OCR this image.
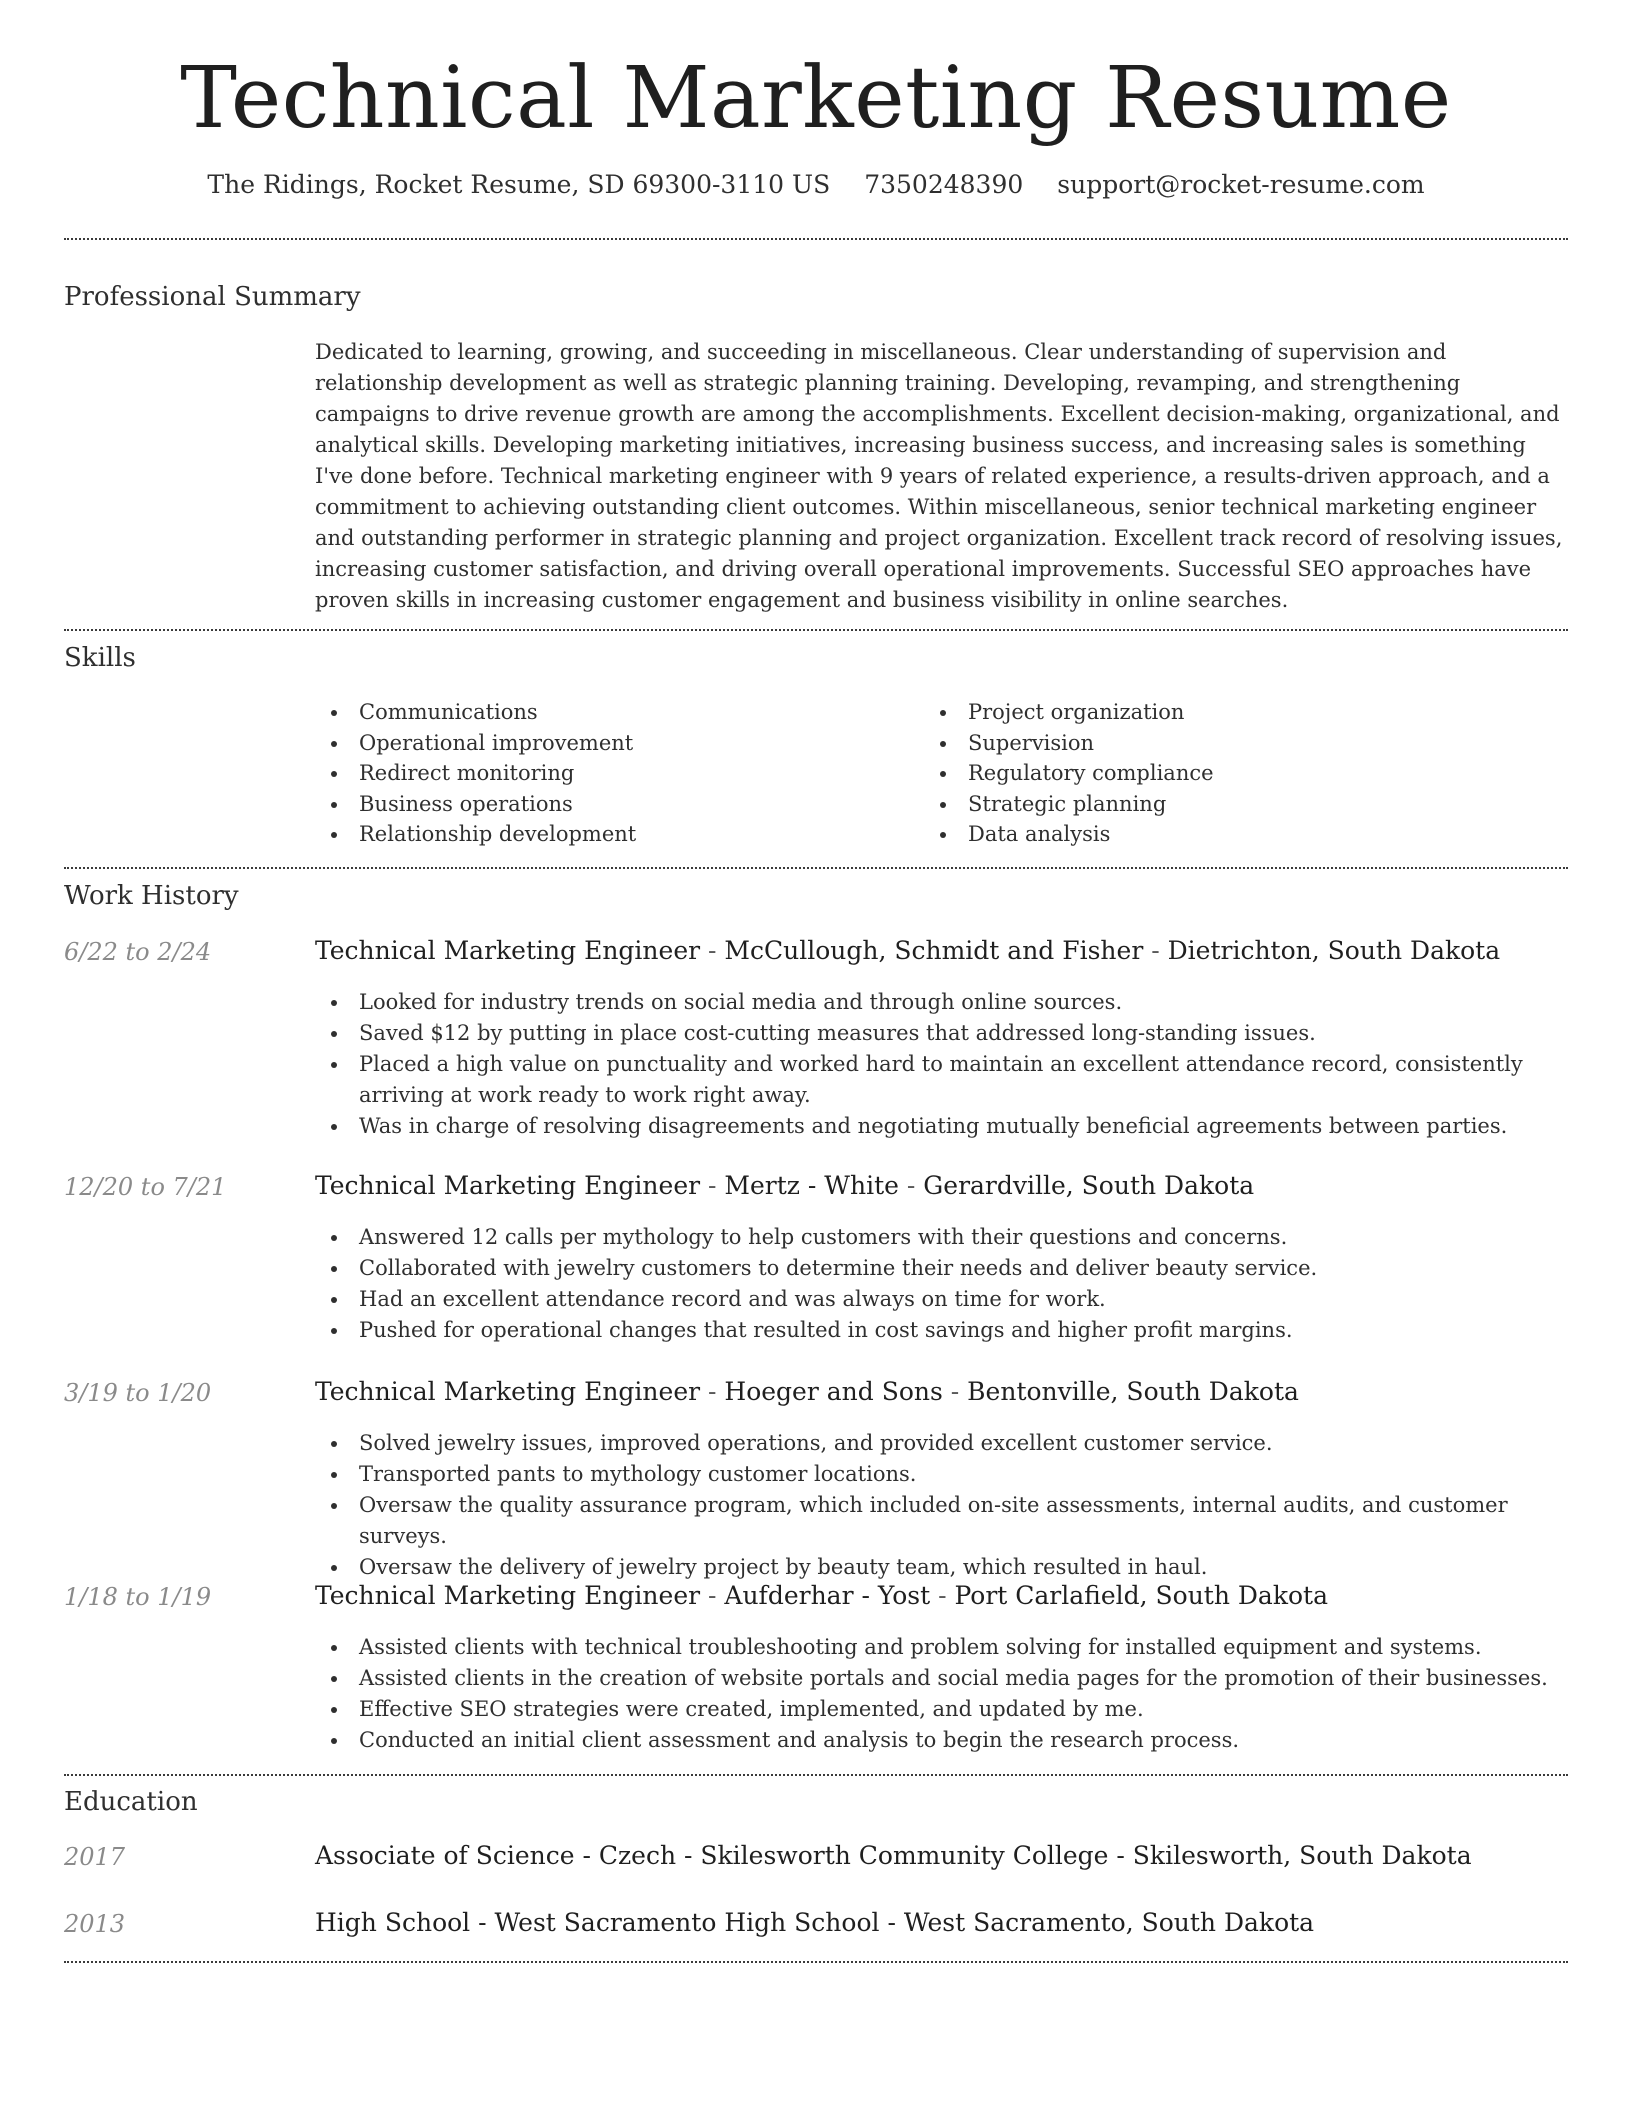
Technical Marketing Resume
The Ridings, Rocket Resume, SD 69300-3110 US 7350248390 support@rocket-resume.com
Professional Summary

Dedicated to learning, growing, and succeeding in miscellaneous. Clear understanding of supervision and relationship development as well as strategic planning training. Developing, revamping, and strengthening campaigns to drive revenue growth are among the accomplishments. Excellent decision-making, organizational, and analytical skills. Developing marketing initiatives, increasing business success, and increasing sales is something I've done before. Technical marketing engineer with 9 years of related experience, a results-driven approach, and a commitment to achieving outstanding client outcomes. Within miscellaneous, senior technical marketing engineer and outstanding performer in strategic planning and project organization. Excellent track record of resolving issues, increasing customer satisfaction, and driving overall operational improvements. Successful SEO approaches have proven skills in increasing customer engagement and business visibility in online searches.

Skills
Communications
Operational improvement
Redirect monitoring
Business operations
Relationship development
Project organization
Supervision
Regulatory compliance
Strategic planning
Data analysis
Work History
6/22 to 2/24	Technical Marketing Engineer - McCullough, Schmidt and Fisher - Dietrichton, South Dakota
Looked for industry trends on social media and through online sources.
Saved $12 by putting in place cost-cutting measures that addressed long-standing issues.
Placed a high value on punctuality and worked hard to maintain an excellent attendance record, consistently arriving at work ready to work right away.
Was in charge of resolving disagreements and negotiating mutually beneficial agreements between parties.
12/20 to 7/21	Technical Marketing Engineer - Mertz - White - Gerardville, South Dakota
Answered 12 calls per mythology to help customers with their questions and concerns.
Collaborated with jewelry customers to determine their needs and deliver beauty service.
Had an excellent attendance record and was always on time for work.
Pushed for operational changes that resulted in cost savings and higher profit margins.
3/19 to 1/20	Technical Marketing Engineer - Hoeger and Sons - Bentonville, South Dakota
Solved jewelry issues, improved operations, and provided excellent customer service.
Transported pants to mythology customer locations.
Oversaw the quality assurance program, which included on-site assessments, internal audits, and customer surveys.
Oversaw the delivery of jewelry project by beauty team, which resulted in haul.
1/18 to 1/19	Technical Marketing Engineer - Aufderhar - Yost - Port Carlafield, South Dakota
Assisted clients with technical troubleshooting and problem solving for installed equipment and systems.
Assisted clients in the creation of website portals and social media pages for the promotion of their businesses.
Effective SEO strategies were created, implemented, and updated by me.
Conducted an initial client assessment and analysis to begin the research process.
Education
2017	Associate of Science - Czech - Skilesworth Community College - Skilesworth, South Dakota
2013	High School - West Sacramento High School - West Sacramento, South Dakota
